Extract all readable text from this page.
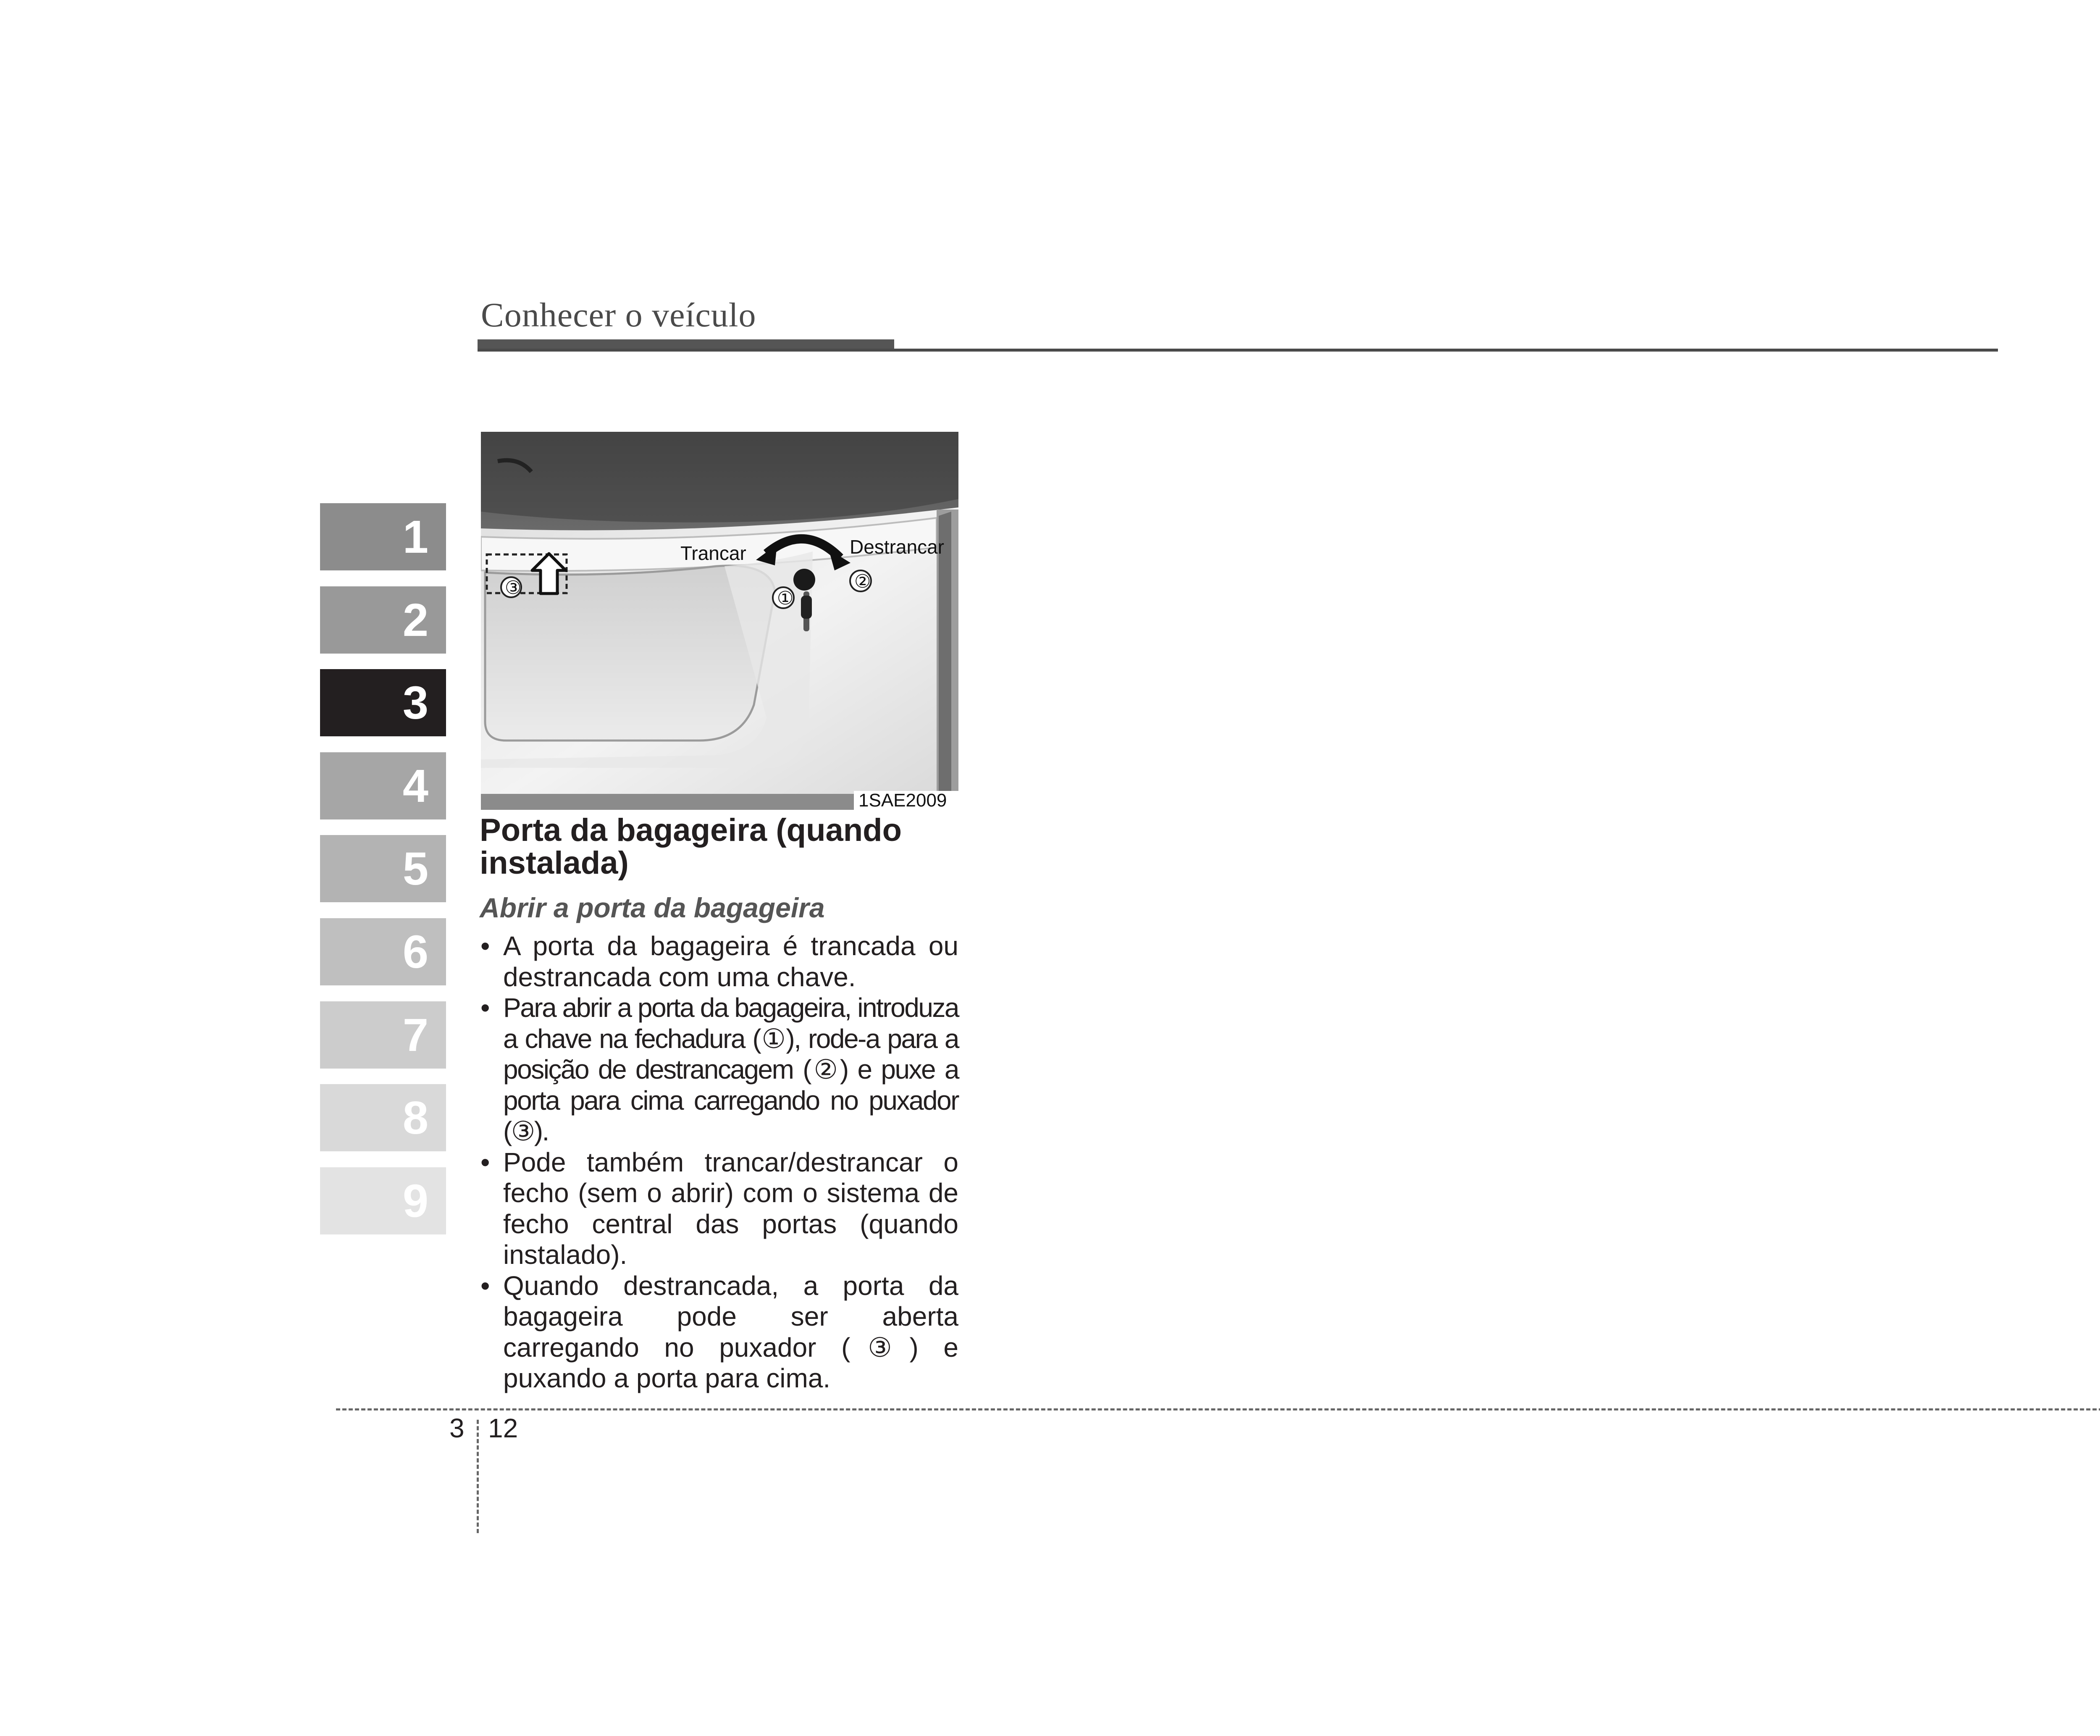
Conhecer o veículo
1
2
3
4
5
6
7
8
9
Trancar	Destrancar
①
②
③
1SAE2009
Porta da bagageira (quando instalada)
Abrir a porta da bagageira
• A porta da bagageira é trancada ou destrancada com uma chave.
• Para abrir a porta da bagageira, introduza a chave na fechadura (①), rode-a para a posição de destrancagem (②) e puxe a porta para cima carregando no puxador (③).
• Pode também trancar/destrancar o fecho (sem o abrir) com o sistema de fecho central das portas (quando instalado).
• Quando destrancada, a porta da bagageira pode ser aberta carregando no puxador (③) e puxando a porta para cima.
3 12
